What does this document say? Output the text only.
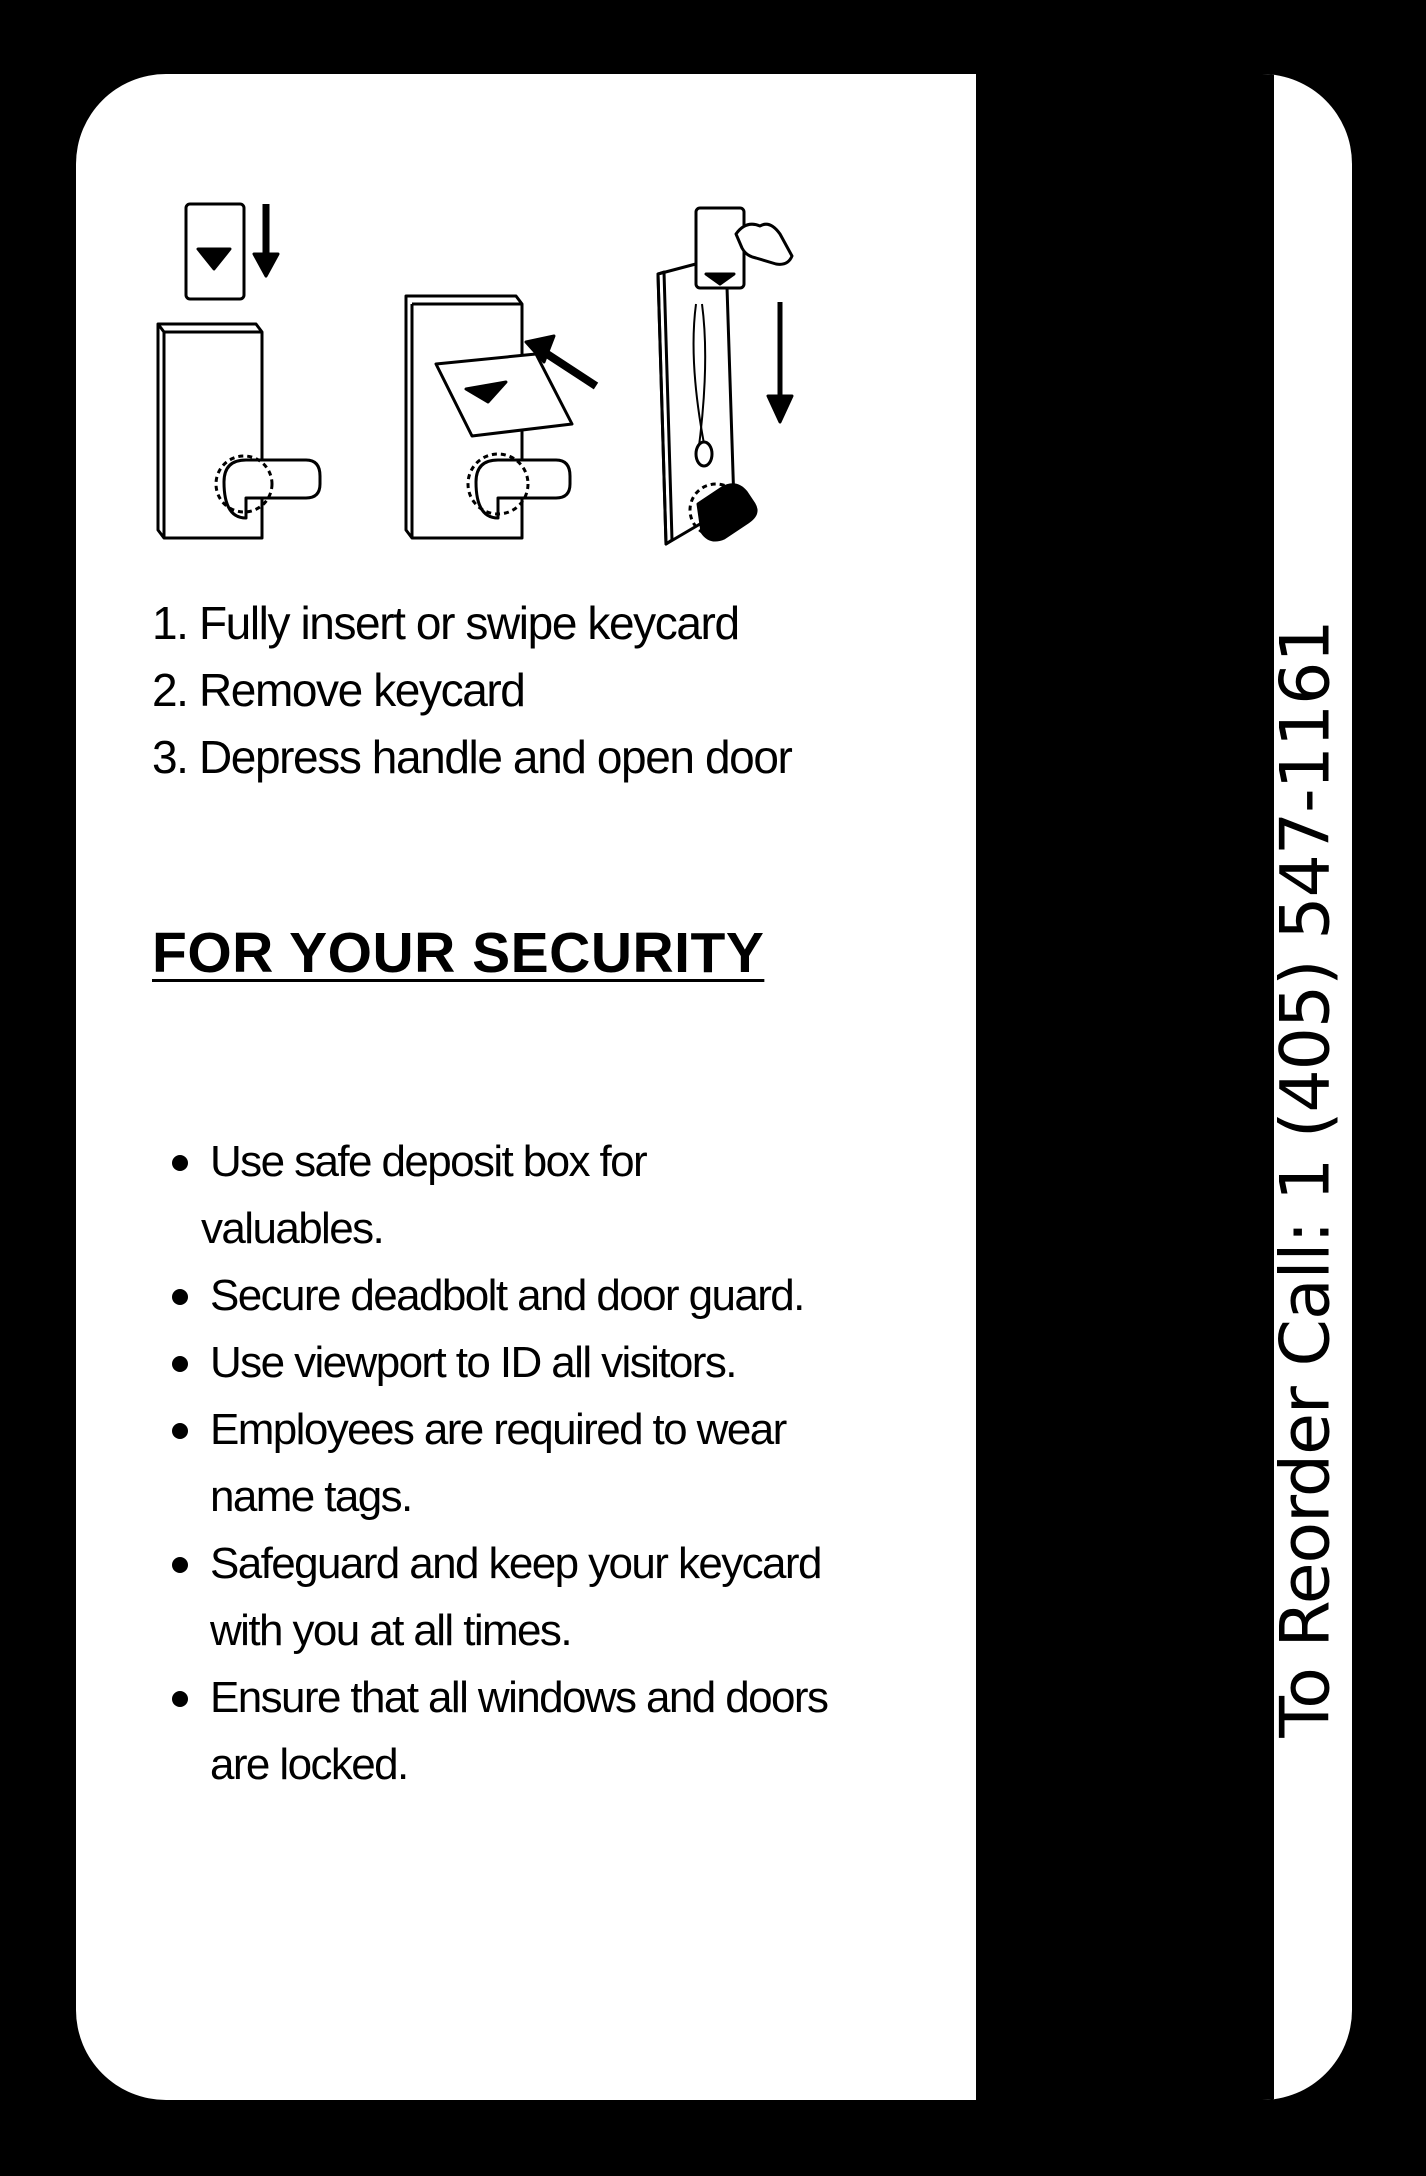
1. Fully insert or swipe keycard
2. Remove keycard
3. Depress handle and open door
FOR YOUR SECURITY
Use safe deposit box for
valuables.
Secure deadbolt and door guard.
Use viewport to ID all visitors.
Employees are required to wear
name tags.
Safeguard and keep your keycard
with you at all times.
Ensure that all windows and doors
are locked.
To Reorder Call: 1 (405) 547-1161
